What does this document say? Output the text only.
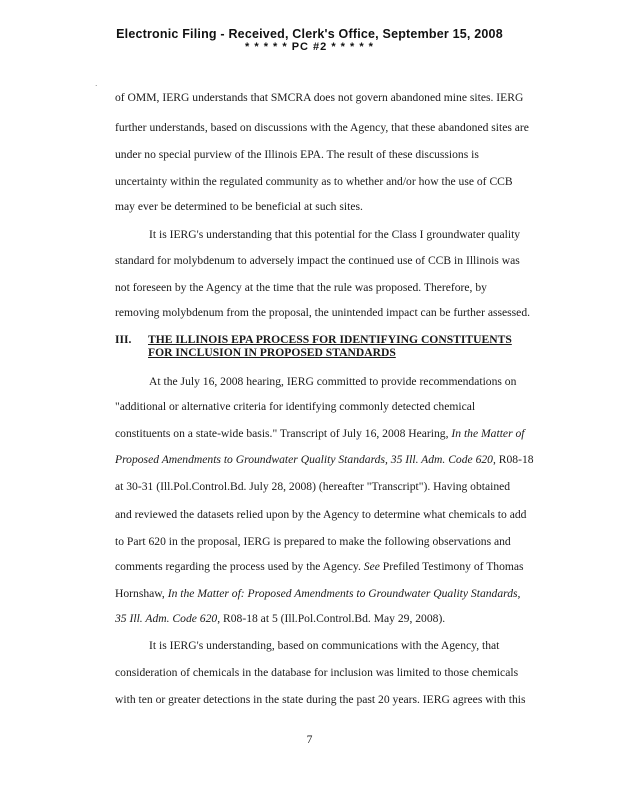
Electronic Filing - Received, Clerk's Office, September 15, 2008
* * * * * PC #2 * * * * *
·
of OMM, IERG understands that SMCRA does not govern abandoned mine sites. IERG
further understands, based on discussions with the Agency, that these abandoned sites are
under no special purview of the Illinois EPA. The result of these discussions is
uncertainty within the regulated community as to whether and/or how the use of CCB
may ever be determined to be beneficial at such sites.
It is IERG's understanding that this potential for the Class I groundwater quality
standard for molybdenum to adversely impact the continued use of CCB in Illinois was
not foreseen by the Agency at the time that the rule was proposed. Therefore, by
removing molybdenum from the proposal, the unintended impact can be further assessed.
III. THE ILLINOIS EPA PROCESS FOR IDENTIFYING CONSTITUENTS
FOR INCLUSION IN PROPOSED STANDARDS
At the July 16, 2008 hearing, IERG committed to provide recommendations on
"additional or alternative criteria for identifying commonly detected chemical
constituents on a state-wide basis." Transcript of July 16, 2008 Hearing, In the Matter of
Proposed Amendments to Groundwater Quality Standards, 35 Ill. Adm. Code 620, R08-18
at 30-31 (Ill.Pol.Control.Bd. July 28, 2008) (hereafter "Transcript"). Having obtained
and reviewed the datasets relied upon by the Agency to determine what chemicals to add
to Part 620 in the proposal, IERG is prepared to make the following observations and
comments regarding the process used by the Agency. See Prefiled Testimony of Thomas
Hornshaw, In the Matter of: Proposed Amendments to Groundwater Quality Standards,
35 Ill. Adm. Code 620, R08-18 at 5 (Ill.Pol.Control.Bd. May 29, 2008).
It is IERG's understanding, based on communications with the Agency, that
consideration of chemicals in the database for inclusion was limited to those chemicals
with ten or greater detections in the state during the past 20 years. IERG agrees with this
7
